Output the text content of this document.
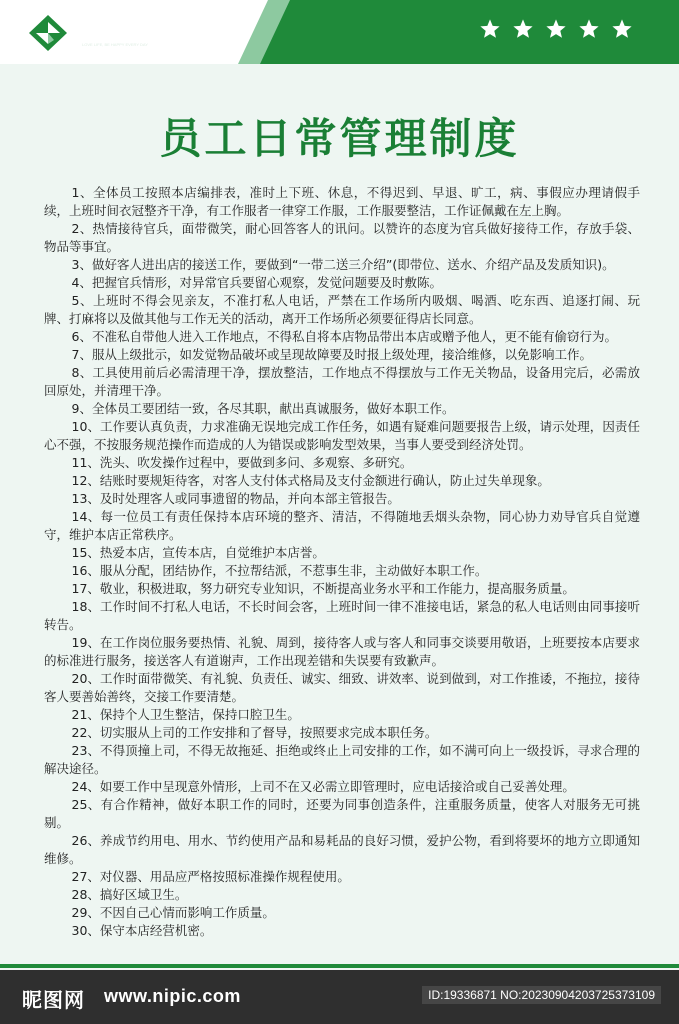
LOGO
SO-AND-SO COMPANY
LOVE LIFE, BE HAPPY EVERY DAY
员工日常管理制度

1、全体员工按照本店编排表，准时上下班、休息，不得迟到、早退、旷工，病、事假应办理请假手续，上班时间衣冠整齐干净，有工作服者一律穿工作服，工作服要整洁，工作证佩戴在左上胸。

2、热情接待官兵，面带微笑，耐心回答客人的讯问。以赞许的态度为官兵做好接待工作，存放手袋、物品等事宜。

3、做好客人进出店的接送工作，要做到“一带二送三介绍”(即带位、送水、介绍产品及发质知识)。

4、把握官兵情形，对异常官兵要留心观察，发觉问题要及时敷陈。

5、上班时不得会见亲友，不准打私人电话，严禁在工作场所内吸烟、喝酒、吃东西、追逐打闹、玩牌、打麻将以及做其他与工作无关的活动，离开工作场所必须要征得店长同意。

6、不准私自带他人进入工作地点，不得私自将本店物品带出本店或赠予他人，更不能有偷窃行为。

7、服从上级批示，如发觉物品破坏或呈现故障要及时报上级处理，接洽维修，以免影响工作。

8、工具使用前后必需清理干净，摆放整洁，工作地点不得摆放与工作无关物品，设备用完后，必需放回原处，并清理干净。

9、全体员工要团结一致，各尽其职，献出真诚服务，做好本职工作。

10、工作要认真负责，力求准确无误地完成工作任务，如遇有疑难问题要报告上级，请示处理，因责任心不强，不按服务规范操作而造成的人为错误或影响发型效果，当事人要受到经济处罚。

11、洗头、吹发操作过程中，要做到多问、多观察、多研究。

12、结账时要规矩待客，对客人支付体式格局及支付金额进行确认，防止过失单现象。

13、及时处理客人或同事遗留的物品，并向本部主管报告。

14、每一位员工有责任保持本店环境的整齐、清洁，不得随地丢烟头杂物，同心协力劝导官兵自觉遵守，维护本店正常秩序。

15、热爱本店，宣传本店，自觉维护本店誉。

16、服从分配，团结协作，不拉帮结派，不惹事生非，主动做好本职工作。

17、敬业，积极进取，努力研究专业知识，不断提高业务水平和工作能力，提高服务质量。

18、工作时间不打私人电话，不长时间会客，上班时间一律不准接电话，紧急的私人电话则由同事接听转告。

19、在工作岗位服务要热情、礼貌、周到，接待客人或与客人和同事交谈要用敬语，上班要按本店要求的标准进行服务，接送客人有道谢声，工作出现差错和失误要有致歉声。

20、工作时面带微笑、有礼貌、负责任、诚实、细致、讲效率、说到做到，对工作推诿，不拖拉，接待客人要善始善终，交接工作要清楚。

21、保持个人卫生整洁，保持口腔卫生。

22、切实服从上司的工作安排和了督导，按照要求完成本职任务。

23、不得顶撞上司，不得无故拖延、拒绝或终止上司安排的工作，如不满可向上一级投诉，寻求合理的解决途径。

24、如要工作中呈现意外情形，上司不在又必需立即管理时，应电话接洽或自己妥善处理。

25、有合作精神，做好本职工作的同时，还要为同事创造条件，注重服务质量，使客人对服务无可挑剔。

26、养成节约用电、用水、节约使用产品和易耗品的良好习惯，爱护公物，看到将要坏的地方立即通知维修。

27、对仪器、用品应严格按照标准操作规程使用。

28、搞好区域卫生。

29、不因自己心情而影响工作质量。

30、保守本店经营机密。

昵图网 www.nipic.com	ID:19336871 NO:20230904203725373109
